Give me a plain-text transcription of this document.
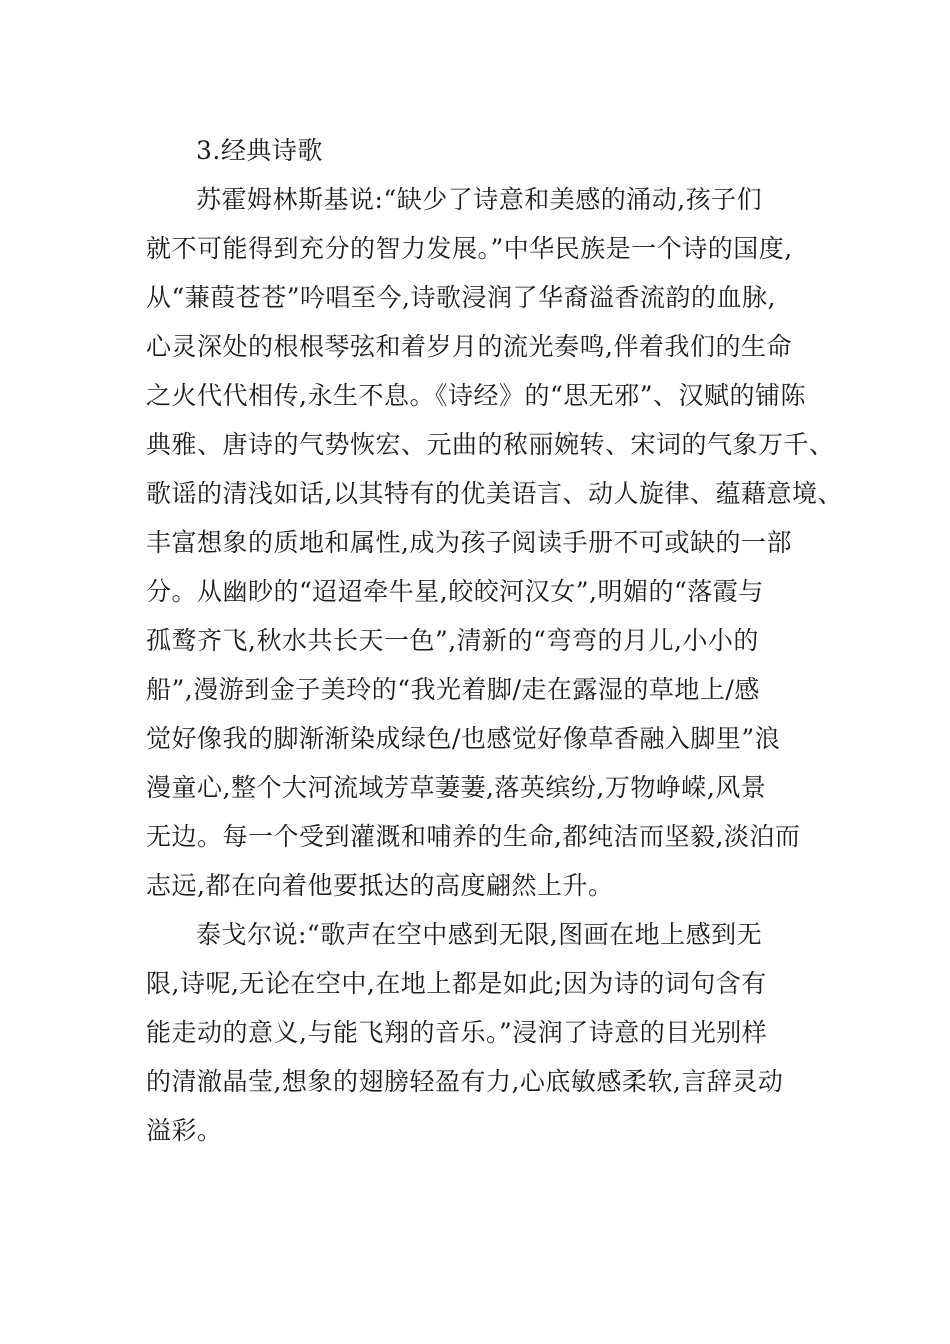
3.经典诗歌
苏霍姆林斯基说:“缺少了诗意和美感的涌动,孩子们
就不可能得到充分的智力发展。”中华民族是一个诗的国度,
从“蒹葭苍苍”吟唱至今,诗歌浸润了华裔溢香流韵的血脉,
心灵深处的根根琴弦和着岁月的流光奏鸣,伴着我们的生命
之火代代相传,永生不息。《诗经》的“思无邪”、汉赋的铺陈
典雅、唐诗的气势恢宏、元曲的秾丽婉转、宋词的气象万千、
歌谣的清浅如话,以其特有的优美语言、动人旋律、蕴藉意境、
丰富想象的质地和属性,成为孩子阅读手册不可或缺的一部
分。从幽眇的“迢迢牵牛星,皎皎河汉女”,明媚的“落霞与
孤鹜齐飞,秋水共长天一色”,清新的“弯弯的月儿,小小的
船”,漫游到金子美玲的“我光着脚/走在露湿的草地上/感
觉好像我的脚渐渐染成绿色/也感觉好像草香融入脚里”浪
漫童心,整个大河流域芳草萋萋,落英缤纷,万物峥嵘,风景
无边。每一个受到灌溉和哺养的生命,都纯洁而坚毅,淡泊而
志远,都在向着他要抵达的高度翩然上升。
泰戈尔说:“歌声在空中感到无限,图画在地上感到无
限,诗呢,无论在空中,在地上都是如此;因为诗的词句含有
能走动的意义,与能飞翔的音乐。”浸润了诗意的目光别样
的清澈晶莹,想象的翅膀轻盈有力,心底敏感柔软,言辞灵动
溢彩。
